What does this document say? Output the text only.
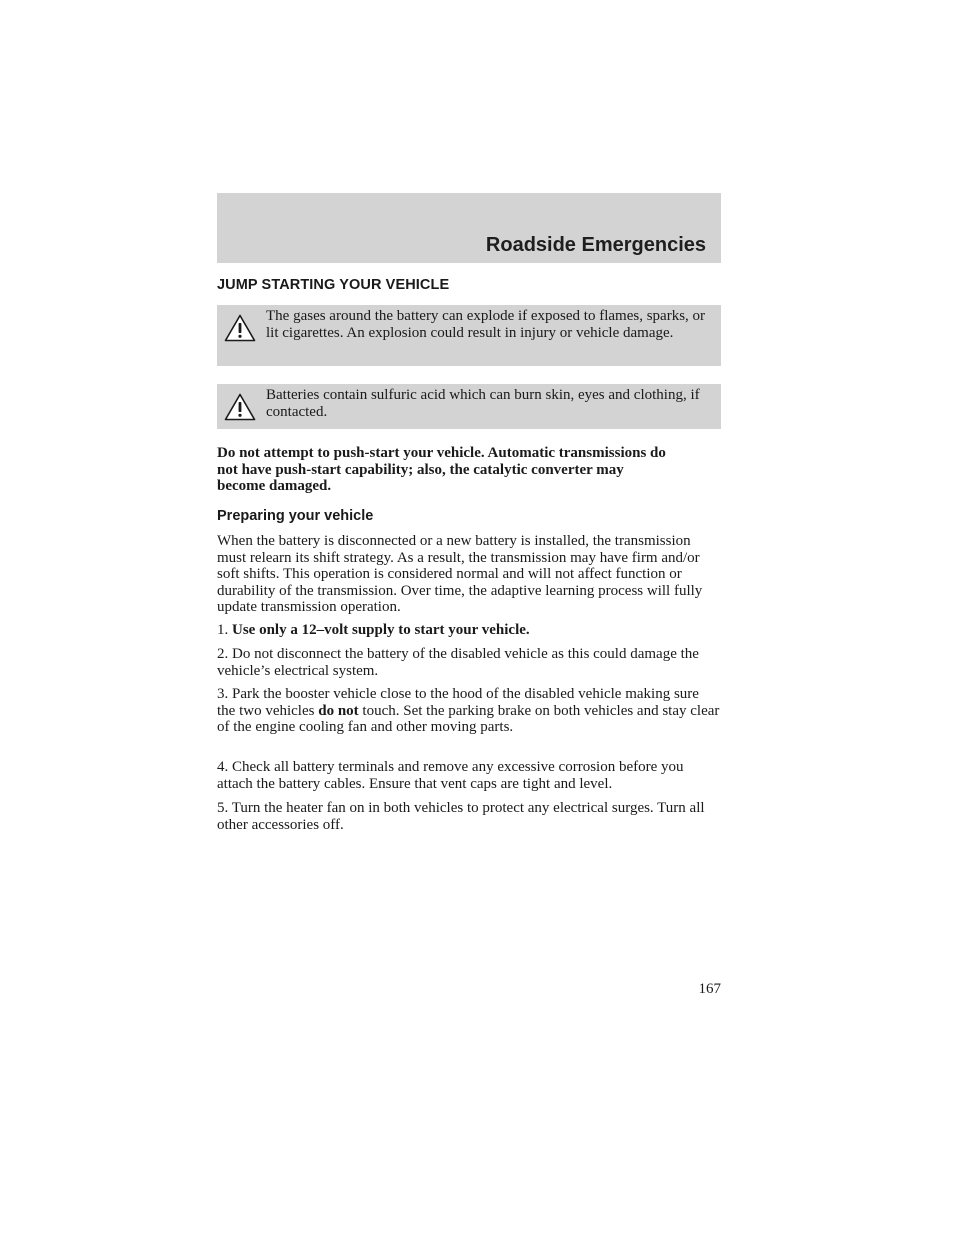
Roadside Emergencies
JUMP STARTING YOUR VEHICLE
The gases around the battery can explode if exposed to flames, sparks, or lit cigarettes. An explosion could result in injury or vehicle damage.
Batteries contain sulfuric acid which can burn skin, eyes and clothing, if contacted.
Do not attempt to push-start your vehicle. Automatic transmissions do not have push-start capability; also, the catalytic converter may become damaged.
Preparing your vehicle
When the battery is disconnected or a new battery is installed, the transmission must relearn its shift strategy. As a result, the transmission may have firm and/or soft shifts. This operation is considered normal and will not affect function or durability of the transmission. Over time, the adaptive learning process will fully update transmission operation.
1. Use only a 12–volt supply to start your vehicle.
2. Do not disconnect the battery of the disabled vehicle as this could damage the vehicle’s electrical system.
3. Park the booster vehicle close to the hood of the disabled vehicle making sure the two vehicles do not touch. Set the parking brake on both vehicles and stay clear of the engine cooling fan and other moving parts.
4. Check all battery terminals and remove any excessive corrosion before you attach the battery cables. Ensure that vent caps are tight and level.
5. Turn the heater fan on in both vehicles to protect any electrical surges. Turn all other accessories off.
167
